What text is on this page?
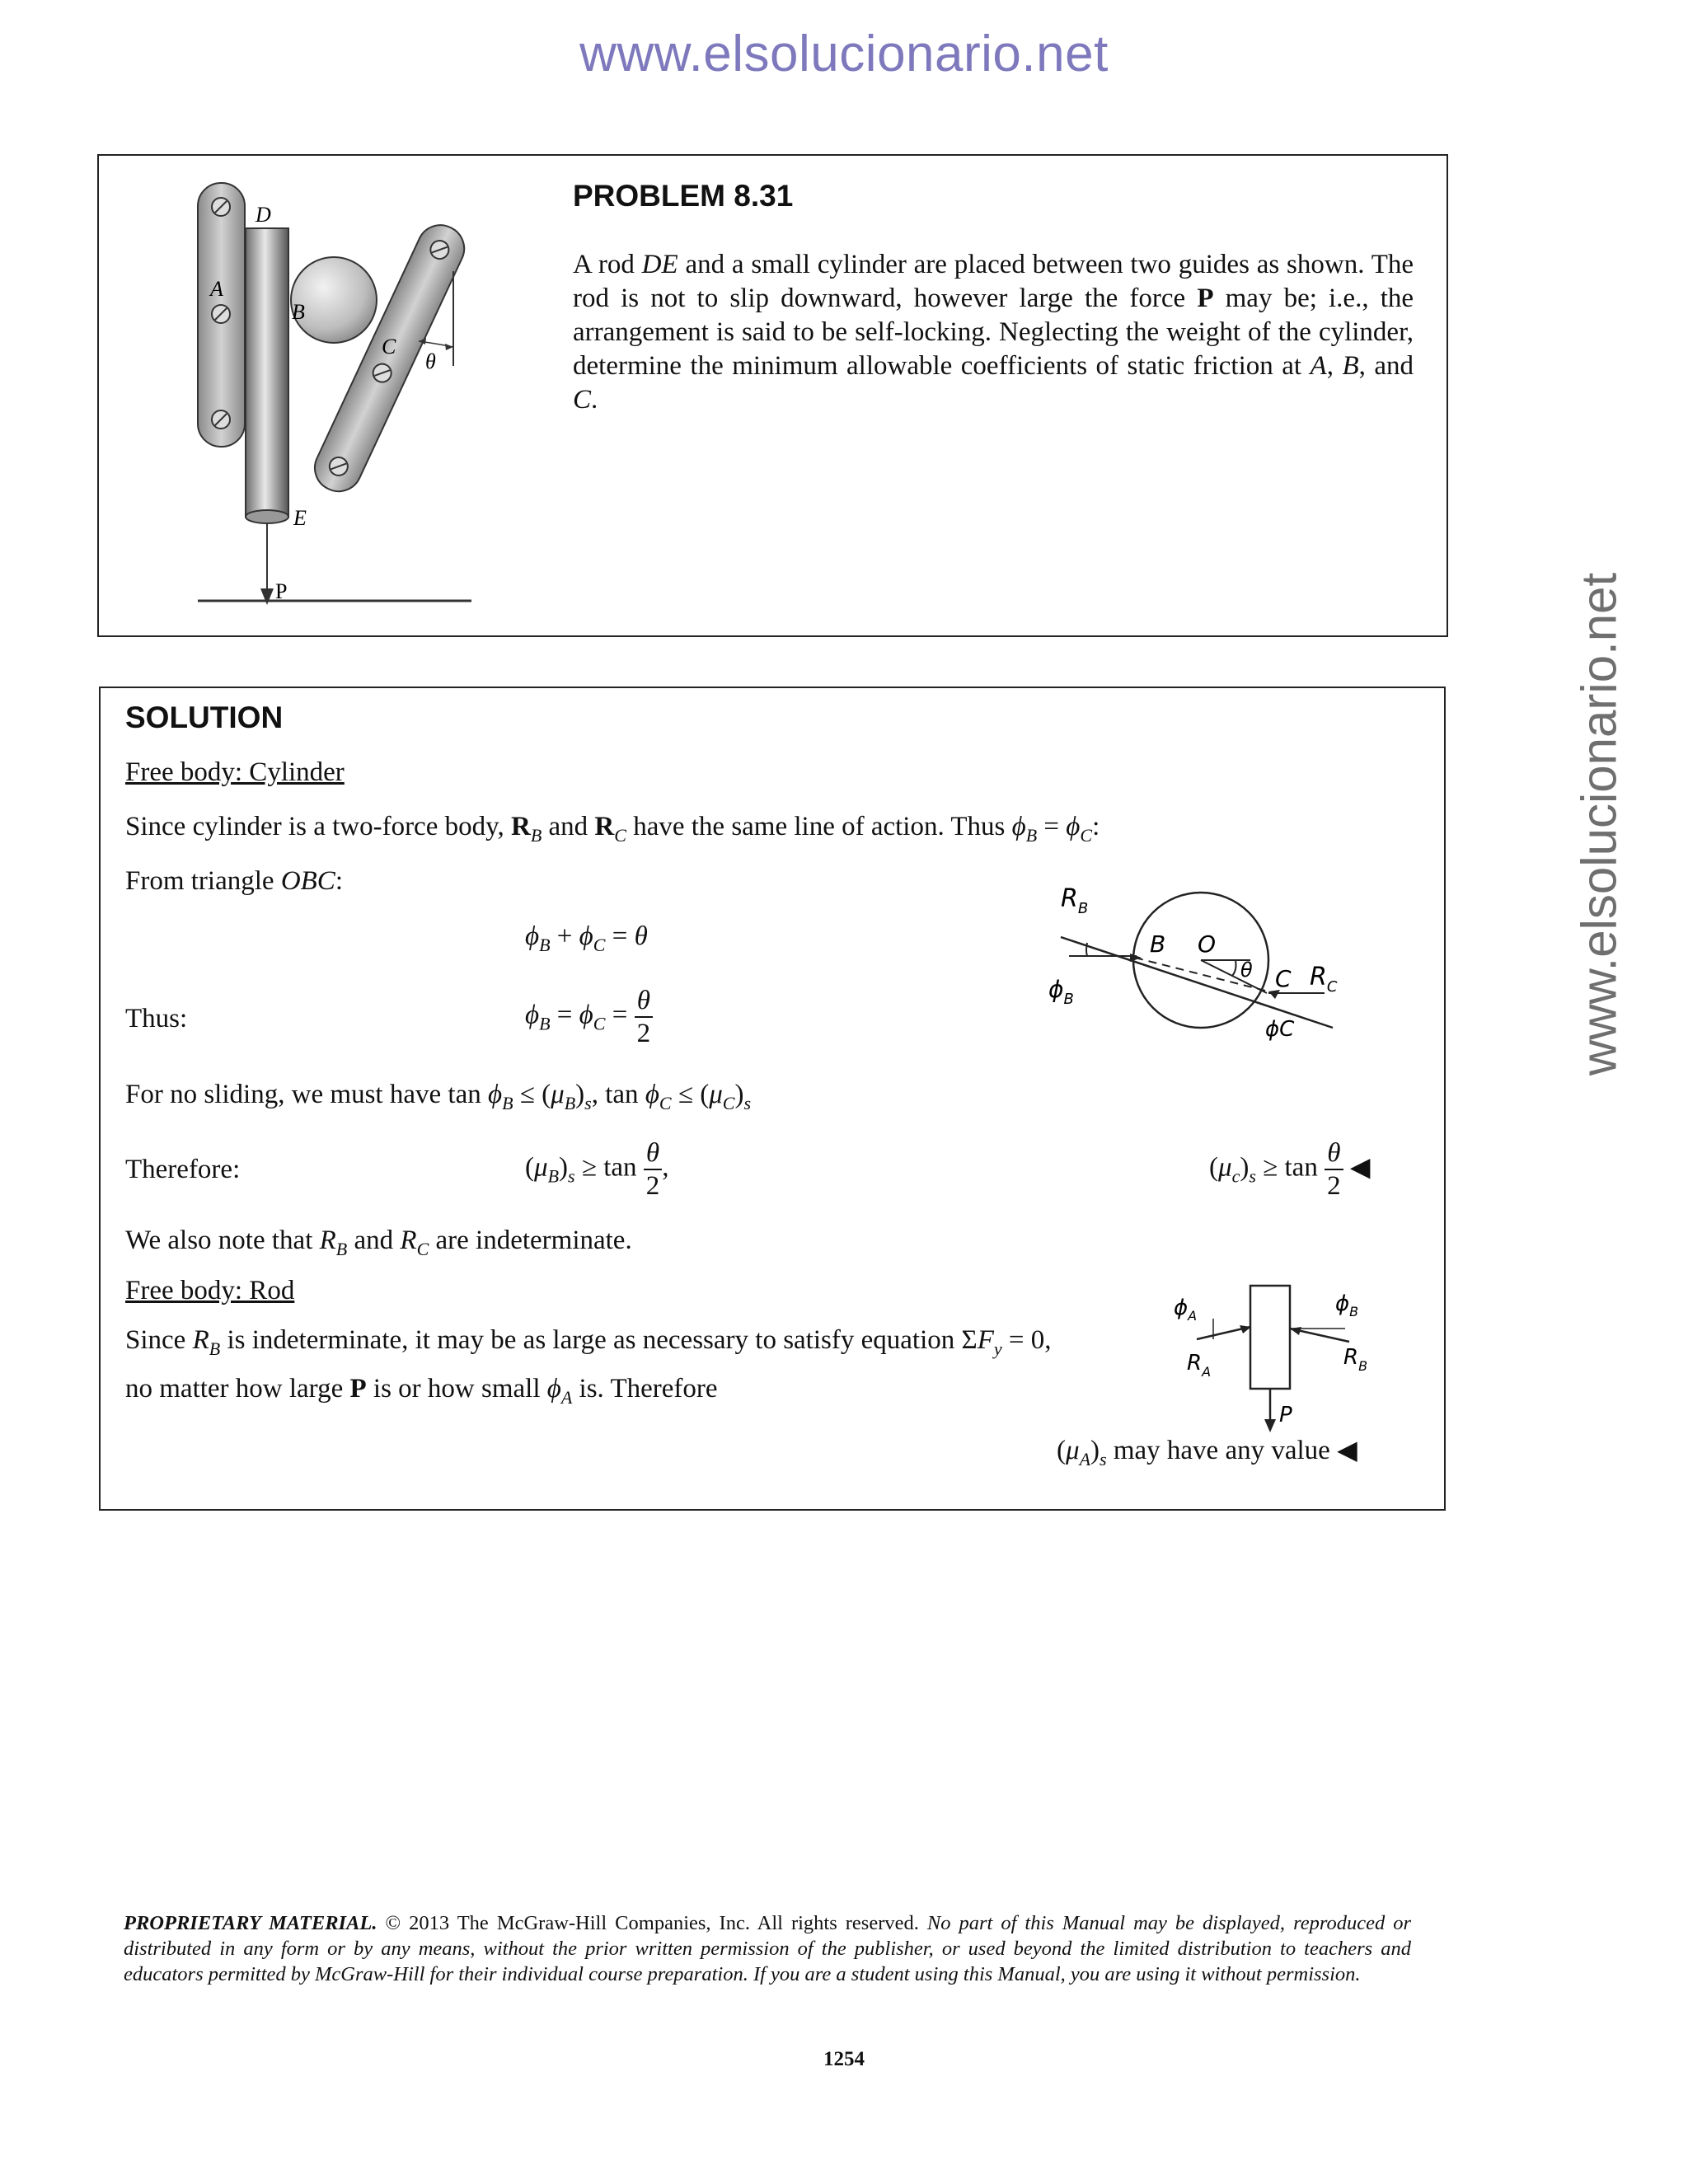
www.elsolucionario.net
www.elsolucionario.net
D
A
B
C
θ
E
P
PROBLEM 8.31
A rod DE and a small cylinder are placed between two guides as shown. The rod is not to slip downward, however large the force P may be; i.e., the arrangement is said to be self-locking. Neglecting the weight of the cylinder, determine the minimum allowable coefficients of static friction at A, B, and C.
SOLUTION
Free body: Cylinder
Since cylinder is a two-force body, $R_B$ and $R_C$ have the same line of action. Thus $\phi_B = \phi_C$:
From triangle OBC:
$\phi_B + \phi_C = \theta$
Thus:	$\phi_B = \phi_C = \frac{\theta}{2}$
For no sliding, we must have $\tan \phi_B \le (\mu_B)_s$, $\tan \phi_C \le (\mu_C)_s$
Therefore:	$(\mu_B)_s \ge \tan \frac{\theta}{2}$ ,	$(\mu_c)_s \ge \tan \frac{\theta}{2}$ ◀
We also note that $R_B$ and $R_C$ are indeterminate.
Free body: Rod
Since $R_B$ is indeterminate, it may be as large as necessary to satisfy equation $\Sigma F_y = 0$,
no matter how large P is or how small $\phi_A$ is. Therefore
$(\mu_A)_s$ may have any value ◀
$R_B$
$\phi_B$
B O
θ C $R_C$
ϕC
$\phi_A$
$R_A$
$\phi_B$
$R_B$
P
PROPRIETARY MATERIAL. © 2013 The McGraw-Hill Companies, Inc. All rights reserved. No part of this Manual may be displayed, reproduced or distributed in any form or by any means, without the prior written permission of the publisher, or used beyond the limited distribution to teachers and educators permitted by McGraw-Hill for their individual course preparation. If you are a student using this Manual, you are using it without permission.
1254
